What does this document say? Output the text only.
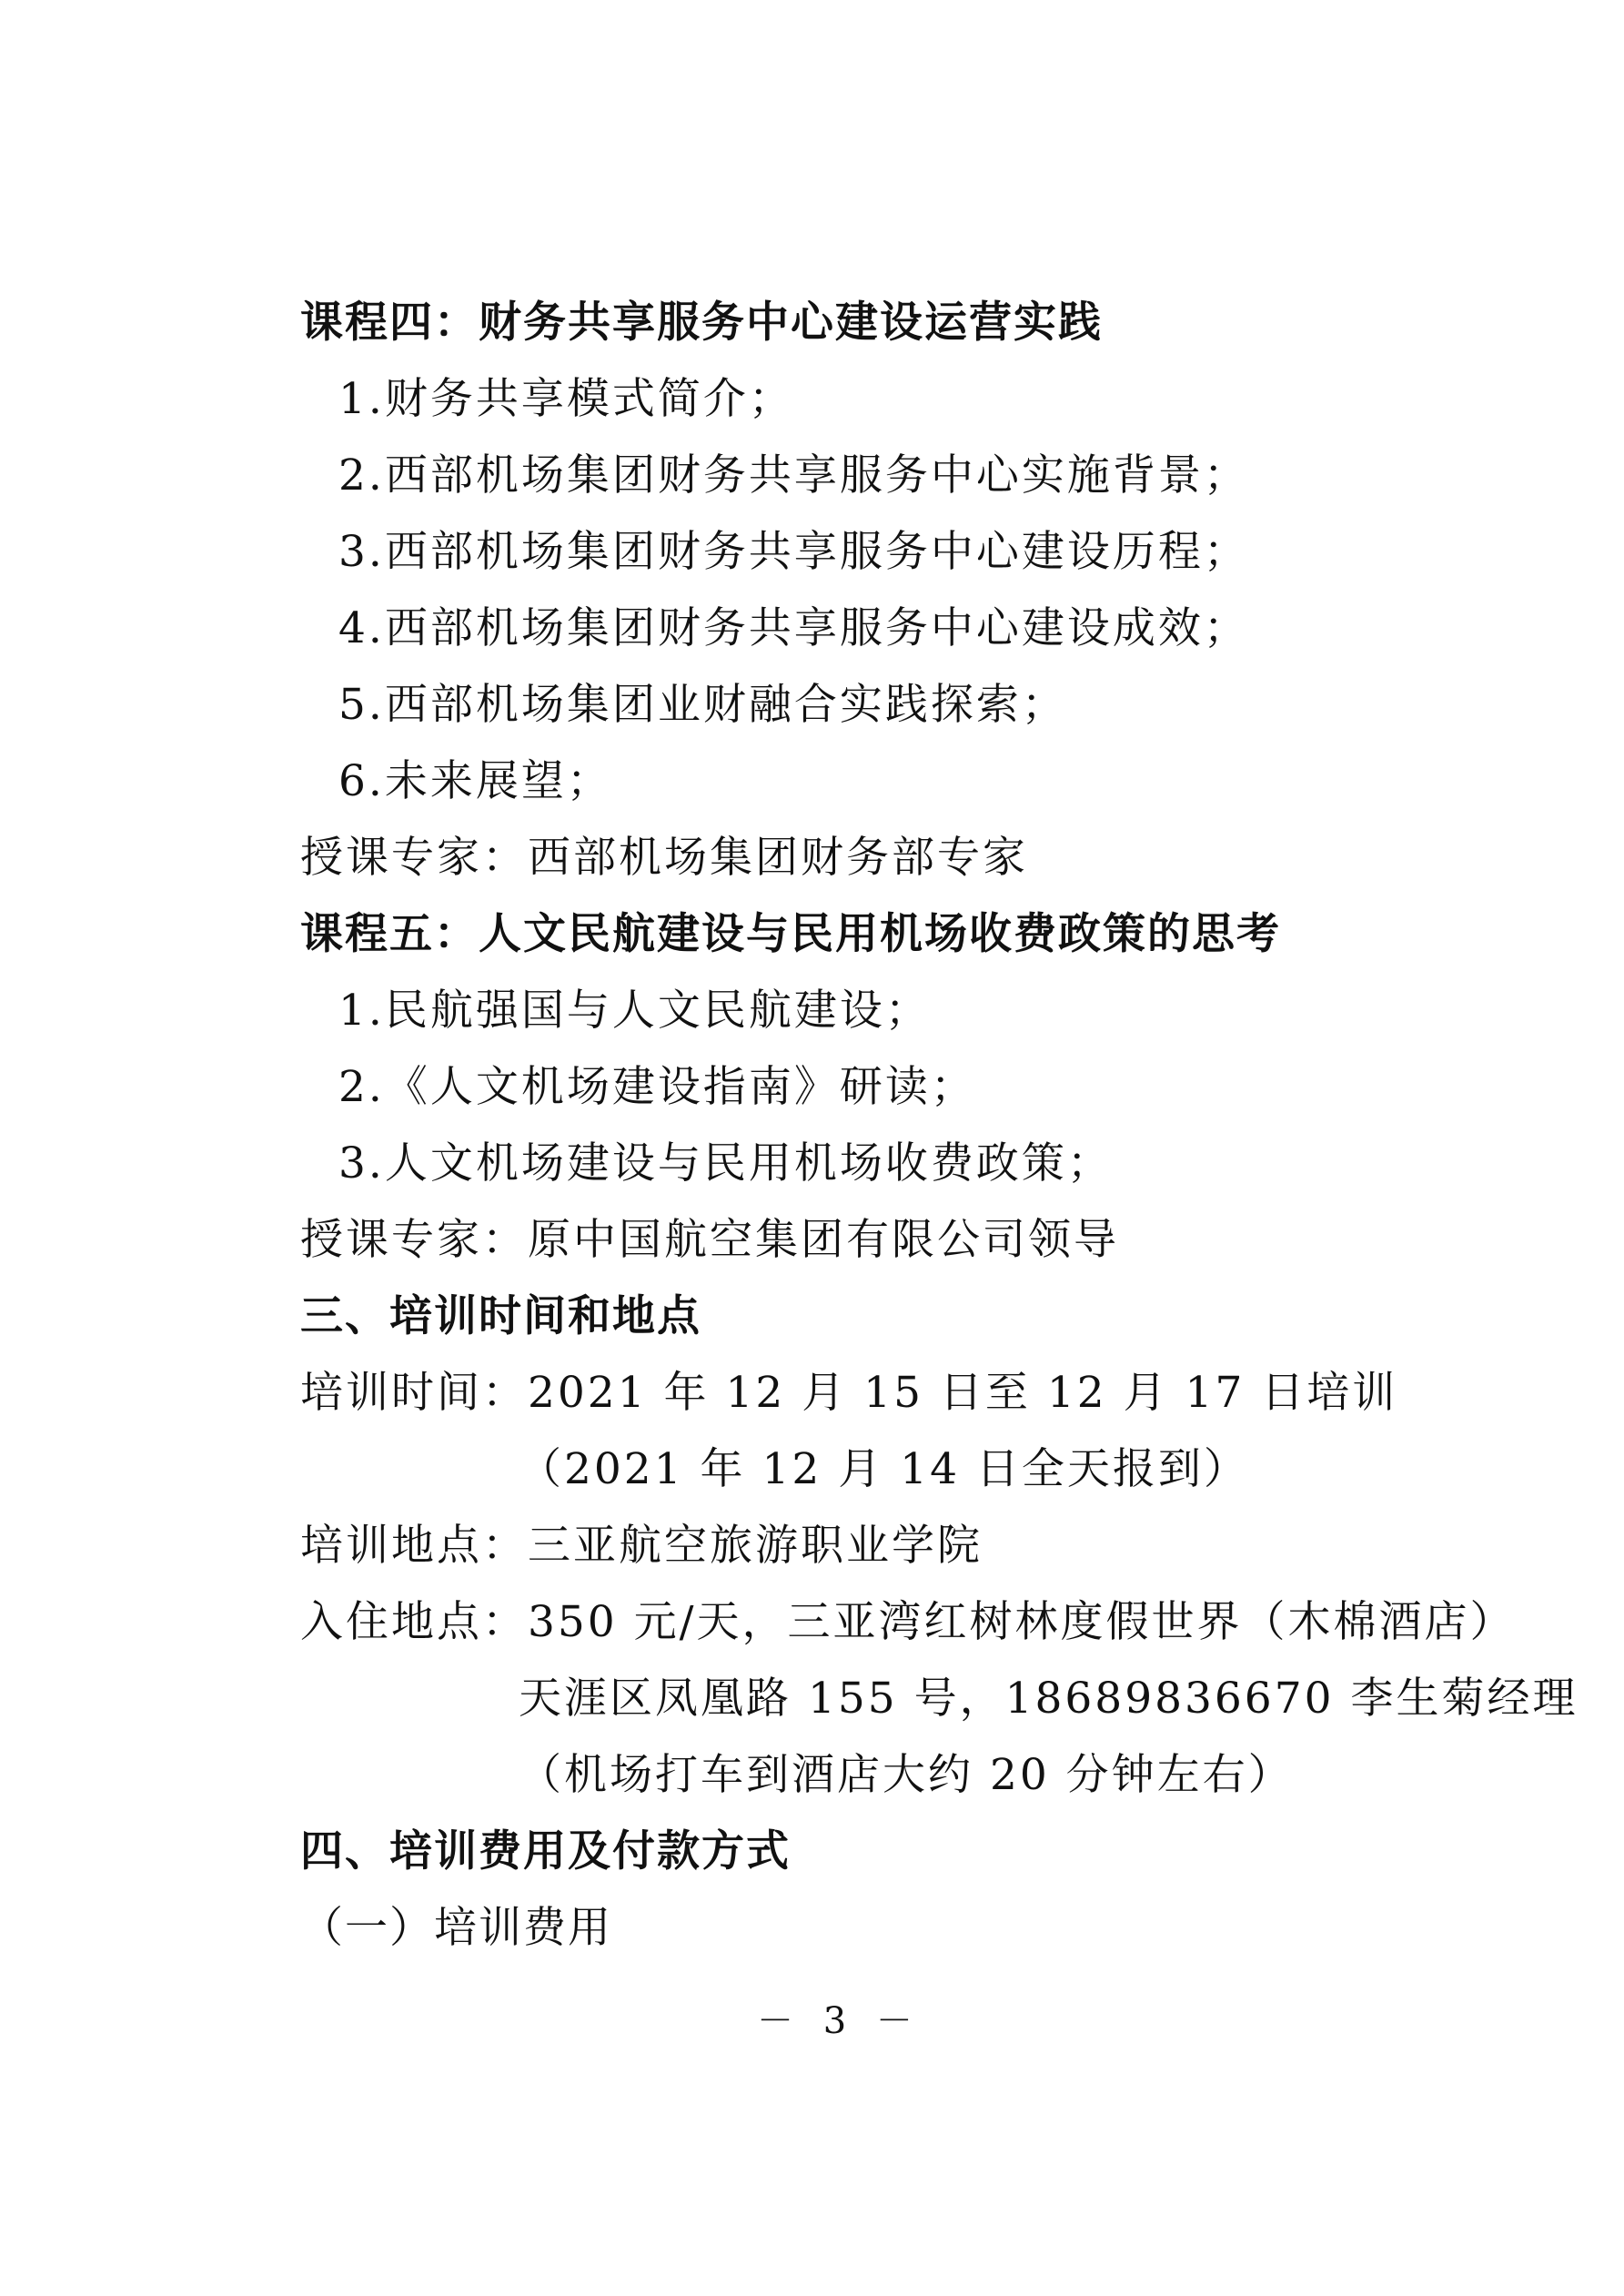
课程四：财务共享服务中心建设运营实践
1.财务共享模式简介；
2.西部机场集团财务共享服务中心实施背景；
3.西部机场集团财务共享服务中心建设历程；
4.西部机场集团财务共享服务中心建设成效；
5.西部机场集团业财融合实践探索；
6.未来展望；
授课专家：西部机场集团财务部专家
课程五：人文民航建设与民用机场收费政策的思考
1.民航强国与人文民航建设；
2.《人文机场建设指南》研读；
3.人文机场建设与民用机场收费政策；
授课专家：原中国航空集团有限公司领导
三、培训时间和地点
培训时间：2021 年 12 月 15 日至 12 月 17 日培训
（2021 年 12 月 14 日全天报到）
培训地点：三亚航空旅游职业学院
入住地点：350 元/天，三亚湾红树林度假世界（木棉酒店）
天涯区凤凰路 155 号，18689836670 李生菊经理
（机场打车到酒店大约 20 分钟左右）
四、培训费用及付款方式
（一）培训费用
－ 3 －
